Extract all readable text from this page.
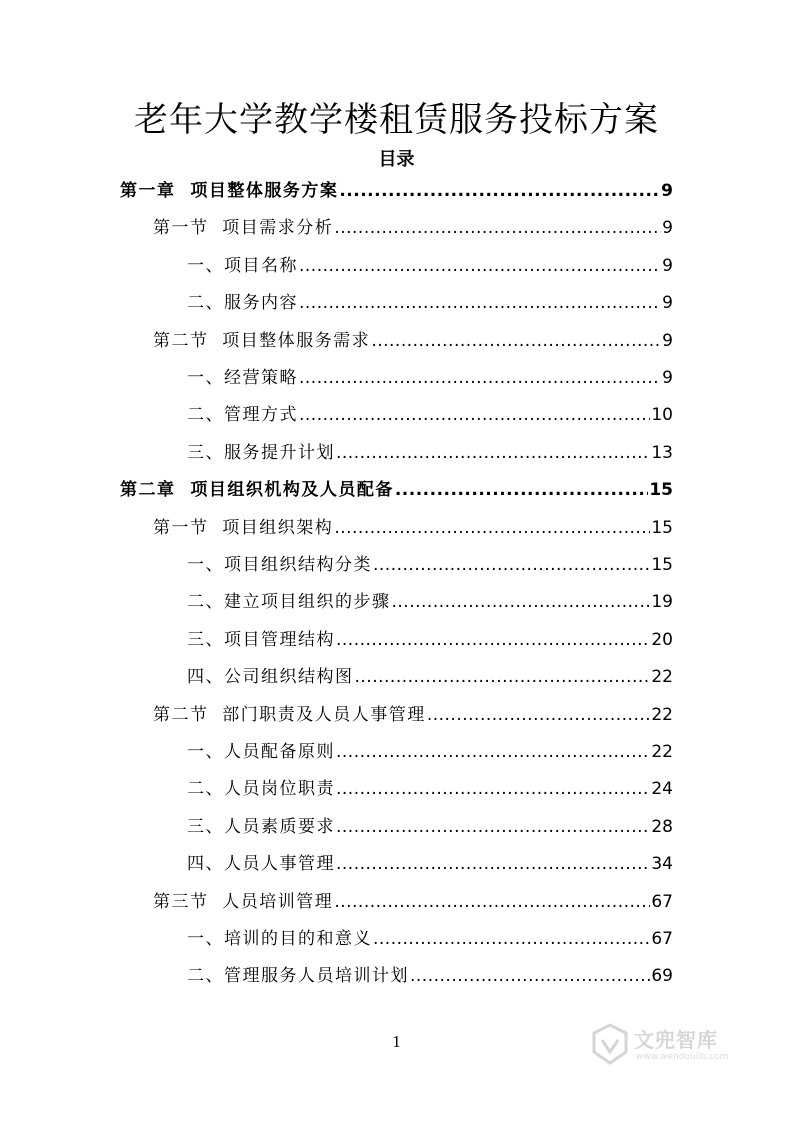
老年大学教学楼租赁服务投标方案
目录
第一章  项目整体服务方案 .....	9
第一节  项目需求分析 .....	9
一、项目名称 .....	9
二、服务内容 .....	9
第二节  项目整体服务需求 .....	9
一、经营策略 .....	9
二、管理方式 .....	10
三、服务提升计划 .....	13
第二章  项目组织机构及人员配备 .....	15
第一节  项目组织架构 .....	15
一、项目组织结构分类 .....	15
二、建立项目组织的步骤 .....	19
三、项目管理结构 .....	20
四、公司组织结构图 .....	22
第二节  部门职责及人员人事管理 .....	22
一、人员配备原则 .....	22
二、人员岗位职责 .....	24
三、人员素质要求 .....	28
四、人员人事管理 .....	34
第三节  人员培训管理 .....	67
一、培训的目的和意义 .....	67
二、管理服务人员培训计划 .....	69
1	文兜智库
www.wendoulib.com
